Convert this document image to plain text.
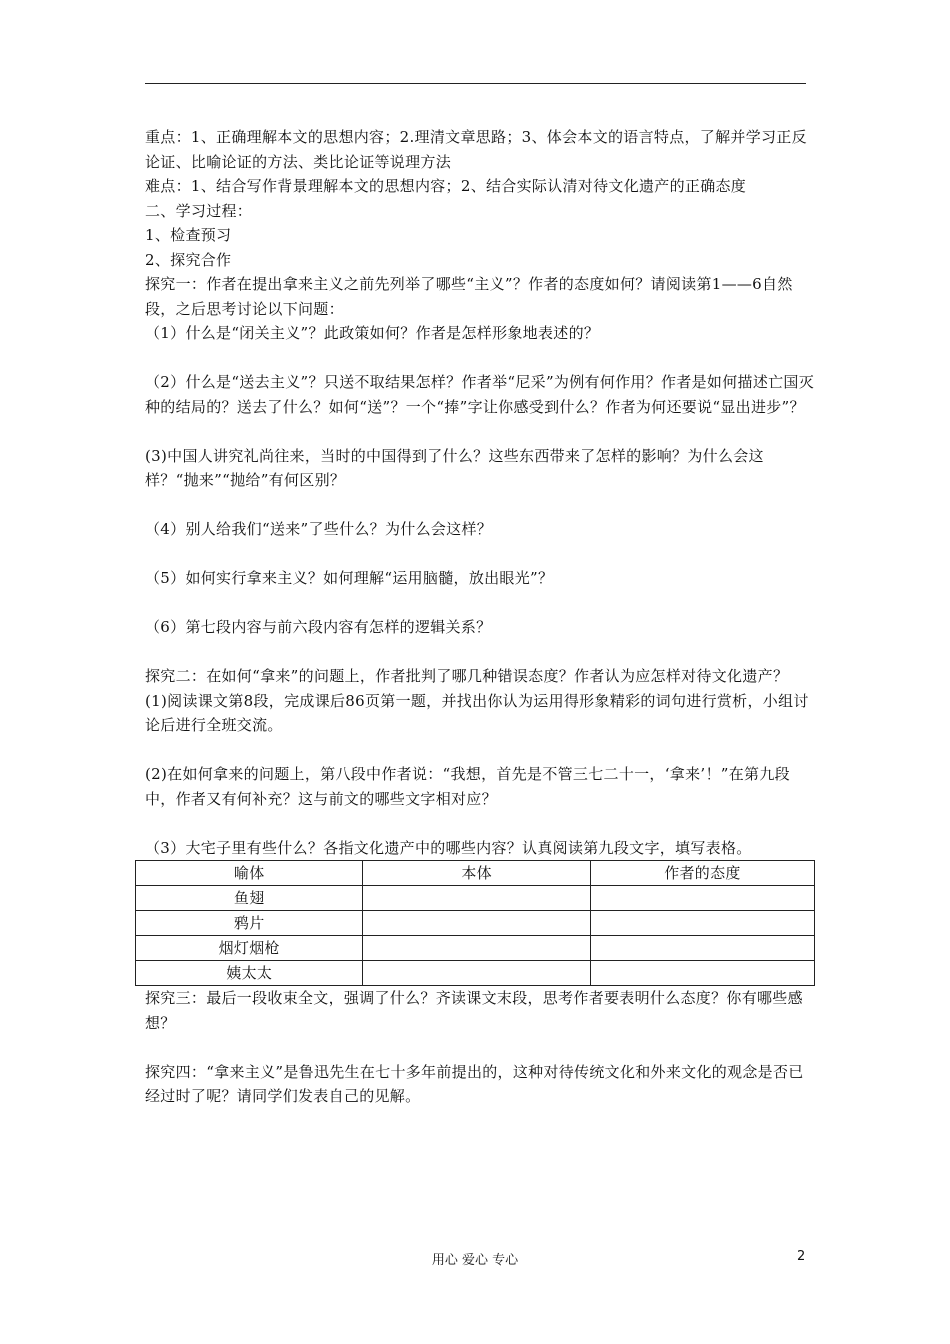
重点：1、正确理解本文的思想内容；2.理清文章思路；3、体会本文的语言特点，了解并学习正反论证、比喻论证的方法、类比论证等说理方法

难点：1、结合写作背景理解本文的思想内容；2、结合实际认清对待文化遗产的正确态度

二、学习过程：

1、检查预习

2、探究合作

探究一：作者在提出拿来主义之前先列举了哪些“主义”？作者的态度如何？请阅读第1——6自然段，之后思考讨论以下问题：

（1）什么是“闭关主义”？此政策如何？作者是怎样形象地表述的？

（2）什么是“送去主义”？只送不取结果怎样？作者举“尼采”为例有何作用？作者是如何描述亡国灭种的结局的？送去了什么？如何“送”？一个“捧”字让你感受到什么？作者为何还要说“显出进步”？

(3)中国人讲究礼尚往来，当时的中国得到了什么？这些东西带来了怎样的影响？为什么会这样？“抛来”“抛给”有何区别？

（4）别人给我们“送来”了些什么？为什么会这样？

（5）如何实行拿来主义？如何理解“运用脑髓，放出眼光”？

（6）第七段内容与前六段内容有怎样的逻辑关系？

探究二：在如何“拿来”的问题上，作者批判了哪几种错误态度？作者认为应怎样对待文化遗产？

(1)阅读课文第8段，完成课后86页第一题，并找出你认为运用得形象精彩的词句进行赏析，小组讨论后进行全班交流。

(2)在如何拿来的问题上，第八段中作者说：“我想，首先是不管三七二十一，‘拿来’！”在第九段中，作者又有何补充？这与前文的哪些文字相对应？

（3）大宅子里有些什么？各指文化遗产中的哪些内容？认真阅读第九段文字，填写表格。

喻体	本体	作者的态度
鱼翅		
鸦片		
烟灯烟枪		
姨太太		

探究三：最后一段收束全文，强调了什么？齐读课文末段，思考作者要表明什么态度？你有哪些感想？

探究四：“拿来主义”是鲁迅先生在七十多年前提出的，这种对待传统文化和外来文化的观念是否已经过时了呢？请同学们发表自己的见解。

用心 爱心 专心	2
